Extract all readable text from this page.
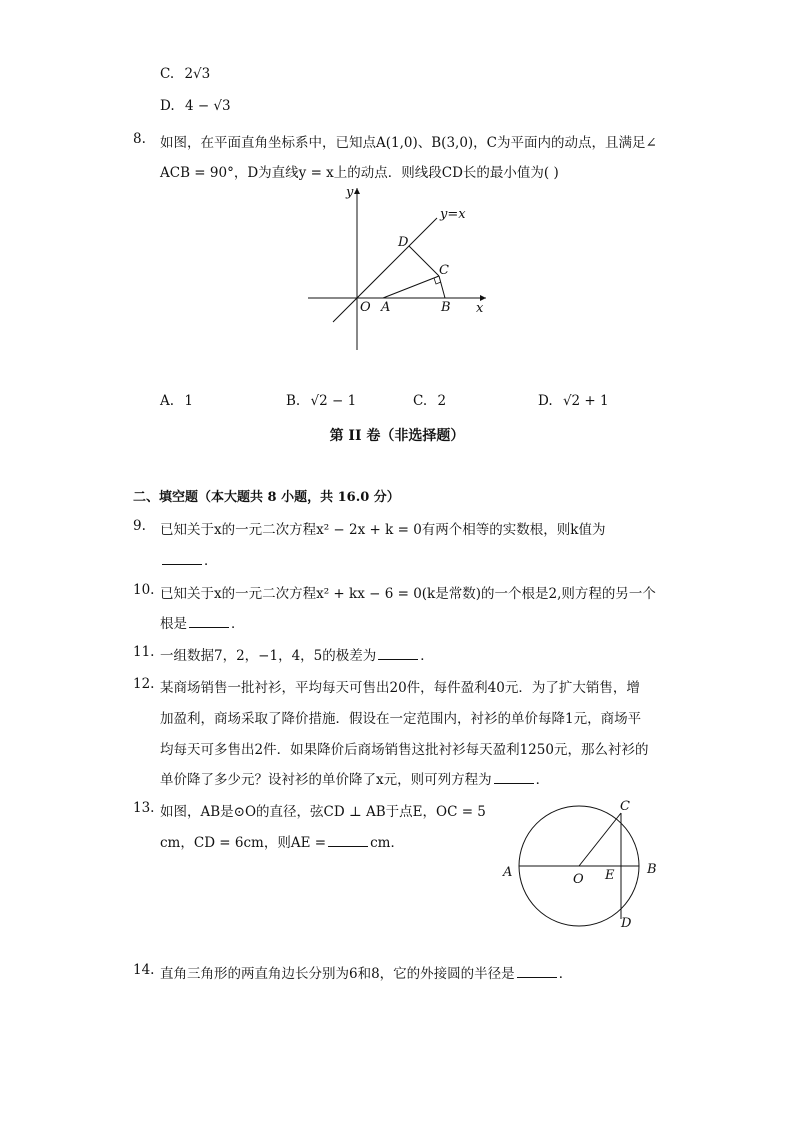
C. 2√3
D. 4 − √3
8. 如图，在平面直角坐标系中，已知点A(1,0)、B(3,0)，C为平面内的动点，且满足∠
ACB = 90°，D为直线y = x上的动点．则线段CD长的最小值为( )
y
x
y=x
O A	B
C
D
A. 1	B. √2 − 1	C. 2	D. √2 + 1
第 II 卷（非选择题）
二、填空题（本大题共 8 小题，共 16.0 分）
9. 已知关于x的一元二次方程x² − 2x + k = 0有两个相等的实数根，则k值为
．
10. 已知关于x的一元二次方程x² + kx − 6 = 0(k是常数)的一个根是2,则方程的另一个
根是	．
11. 一组数据7，2，−1，4，5的极差为	．
12. 某商场销售一批衬衫，平均每天可售出20件，每件盈利40元．为了扩大销售，增
加盈利，商场采取了降价措施．假设在一定范围内，衬衫的单价每降1元，商场平
均每天可多售出2件．如果降价后商场销售这批衬衫每天盈利1250元，那么衬衫的
单价降了多少元？设衬衫的单价降了x元，则可列方程为	．
13. 如图，AB是⊙O的直径，弦CD ⊥ AB于点E，OC = 5
cm，CD = 6cm，则AE =	cm．
A	B
C
D
E
O
14. 直角三角形的两直角边长分别为6和8，它的外接圆的半径是	．
